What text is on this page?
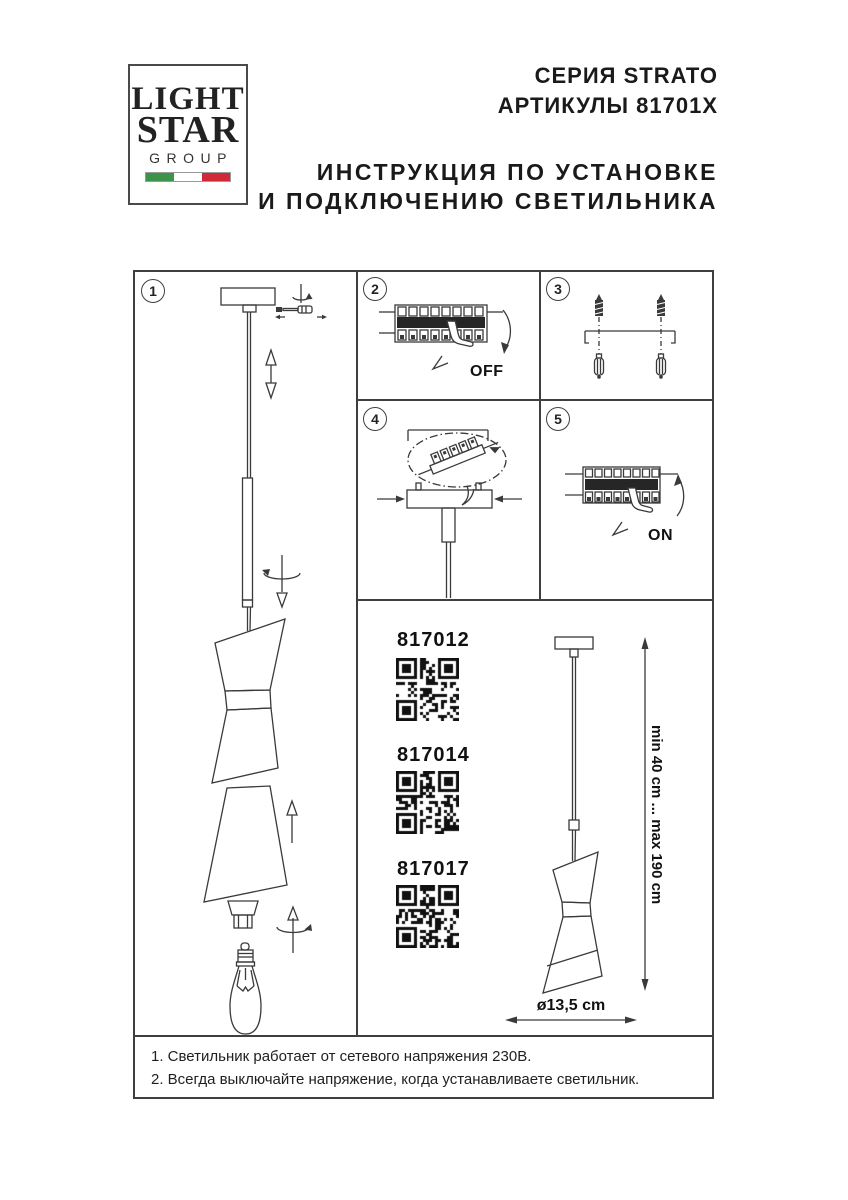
LIGHT
STAR
GROUP
СЕРИЯ STRATO
АРТИКУЛЫ 81701X
ИНСТРУКЦИЯ ПО УСТАНОВКЕ
И ПОДКЛЮЧЕНИЮ СВЕТИЛЬНИКА
1	2	3
4	5
OFF
ON
817012
817014
817017	min 40 cm ... max 190 cm
ø13,5 cm
1. Светильник работает от сетевого напряжения 230В.
2. Всегда выключайте напряжение, когда устанавливаете светильник.
